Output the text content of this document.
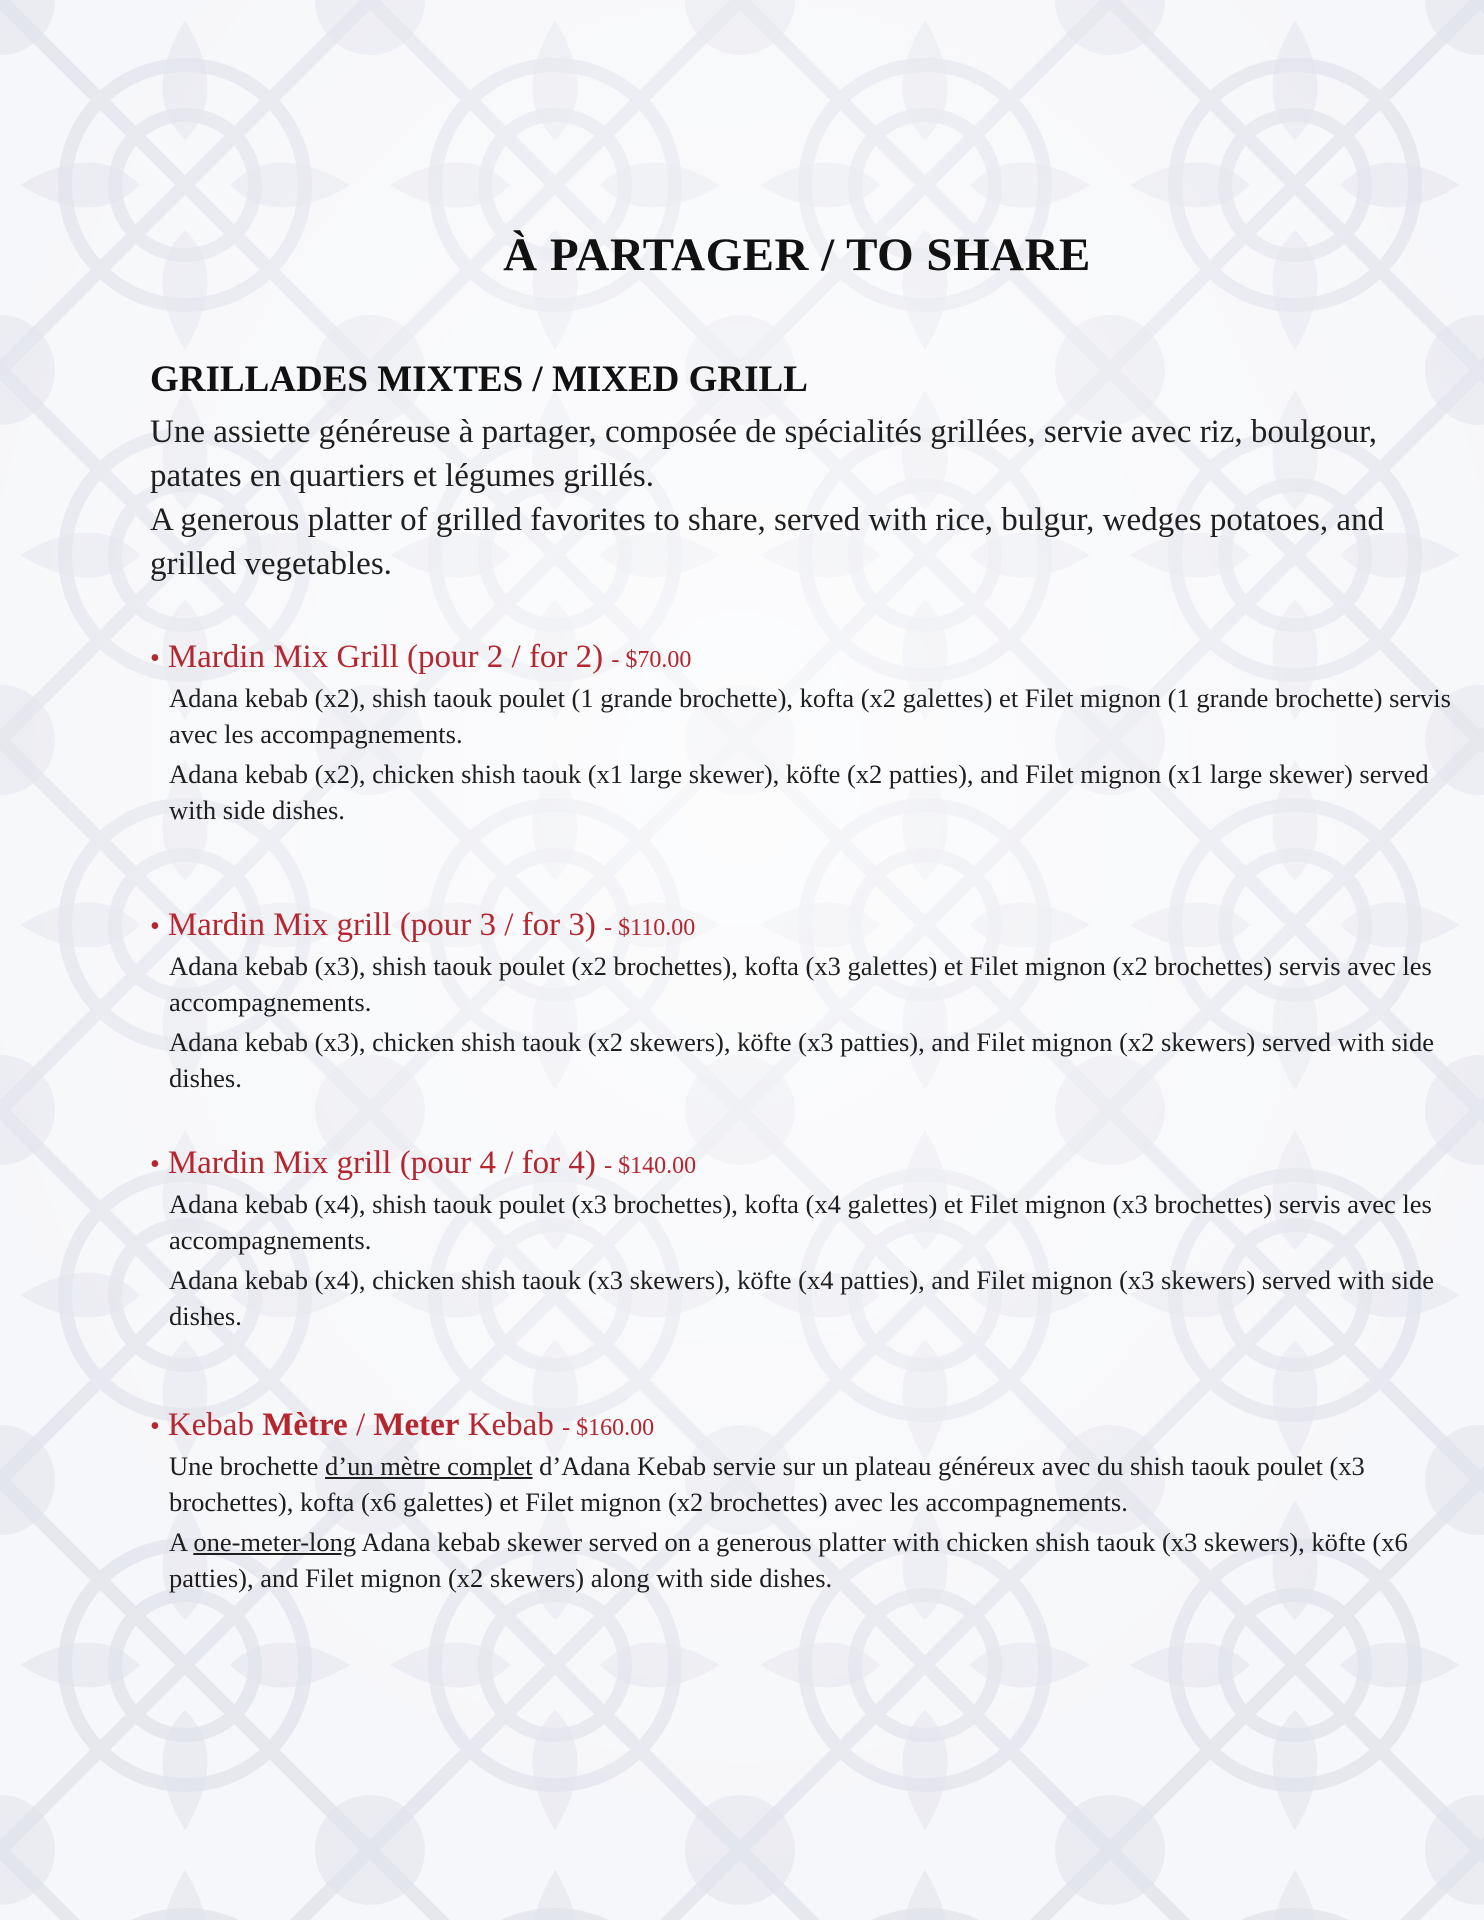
À PARTAGER / TO SHARE
GRILLADES MIXTES / MIXED GRILL

Une assiette généreuse à partager, composée de spécialités grillées, servie avec riz, boulgour, patates en quartiers et légumes grillés.

A generous platter of grilled favorites to share, served with rice, bulgur, wedges potatoes, and grilled vegetables.

• Mardin Mix Grill (pour 2 / for 2) - $70.00

Adana kebab (x2), shish taouk poulet (1 grande brochette), kofta (x2 galettes) et Filet mignon (1 grande brochette) servis avec les accompagnements.

Adana kebab (x2), chicken shish taouk (x1 large skewer), köfte (x2 patties), and Filet mignon (x1 large skewer) served with side dishes.

• Mardin Mix grill (pour 3 / for 3) - $110.00

Adana kebab (x3), shish taouk poulet (x2 brochettes), kofta (x3 galettes) et Filet mignon (x2 brochettes) servis avec les accompagnements.

Adana kebab (x3), chicken shish taouk (x2 skewers), köfte (x3 patties), and Filet mignon (x2 skewers) served with side dishes.

• Mardin Mix grill (pour 4 / for 4) - $140.00

Adana kebab (x4), shish taouk poulet (x3 brochettes), kofta (x4 galettes) et Filet mignon (x3 brochettes) servis avec les accompagnements.

Adana kebab (x4), chicken shish taouk (x3 skewers), köfte (x4 patties), and Filet mignon (x3 skewers) served with side dishes.

• Kebab Mètre / Meter Kebab - $160.00

Une brochette d’un mètre complet d’Adana Kebab servie sur un plateau généreux avec du shish taouk poulet (x3 brochettes), kofta (x6 galettes) et Filet mignon (x2 brochettes) avec les accompagnements.

A one-meter-long Adana kebab skewer served on a generous platter with chicken shish taouk (x3 skewers), köfte (x6 patties), and Filet mignon (x2 skewers) along with side dishes.
